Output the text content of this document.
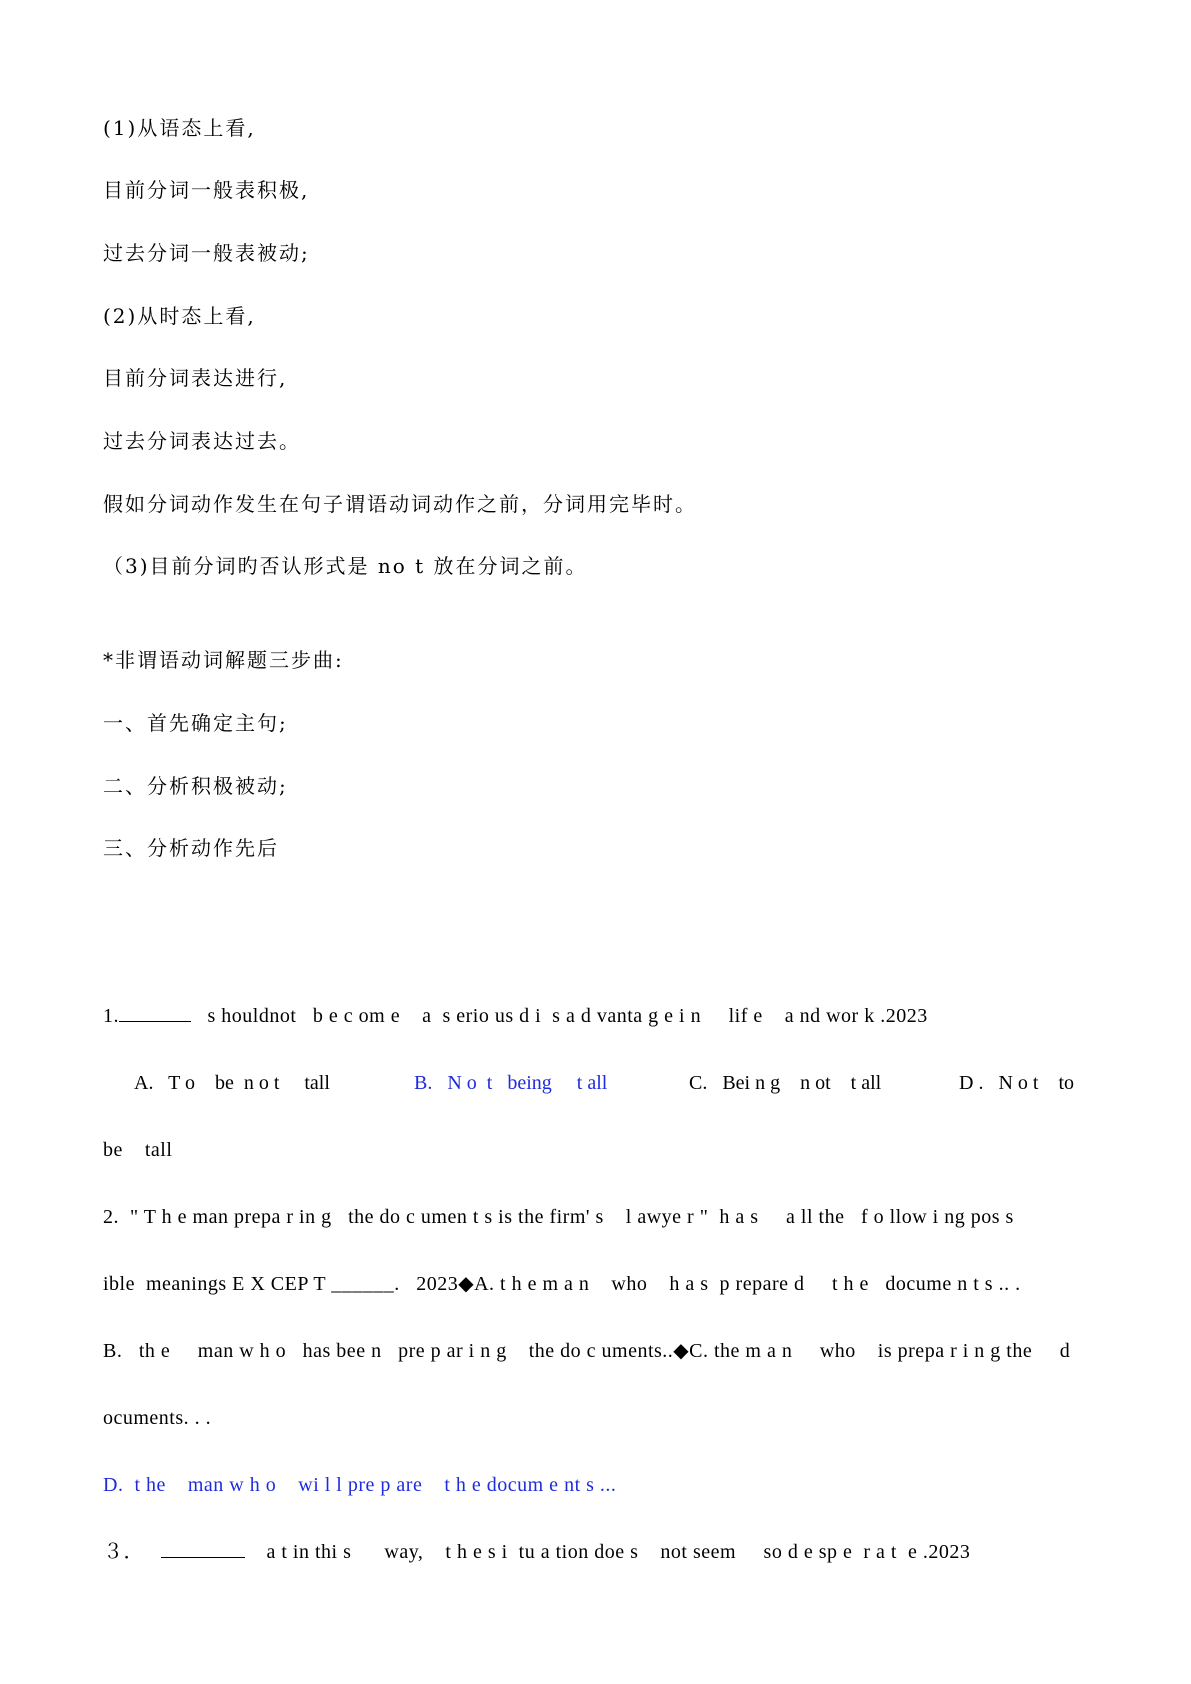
(1)从语态上看,

目前分词一般表积极,

过去分词一般表被动;

(2)从时态上看,

目前分词表达进行,

过去分词表达过去。

假如分词动作发生在句子谓语动词动作之前，分词用完毕时。

（3)目前分词旳否认形式是 no t 放在分词之前。

*非谓语动词解题三步曲:

一、首先确定主句;

二、分析积极被动;

三、分析动作先后

1.	s houldnot   b e c om e    a  s erio us d i  s a d vanta g e i n     lif e    a nd wor k .2023

A.   T o    be  n o t     tall

	B.   N o  t   being     t all

	C.   Bei n g    n ot    t all

	D .   N o t    to

be    tall

2.  " T h e man prepa r in g   the do c umen t s is the firm' s    l awye r "  h a s     a ll the   f o llow i ng pos s

ible  meanings E X CEP T ______.   2023◆A. t h e m a n    who    h a s  p repare d     t h e   docume n t s .. .

B.   th e     man w h o   has bee n   pre p ar i n g    the do c uments..◆C. the m a n     who    is prepa r i n g the     d

ocuments. . .

D.  t he    man w h o    wi l l pre p are    t h e docum e nt s ...

３．	a t in thi s      way,    t h e s i  tu a tion doe s    not seem     so d e sp e  r a t  e .2023
